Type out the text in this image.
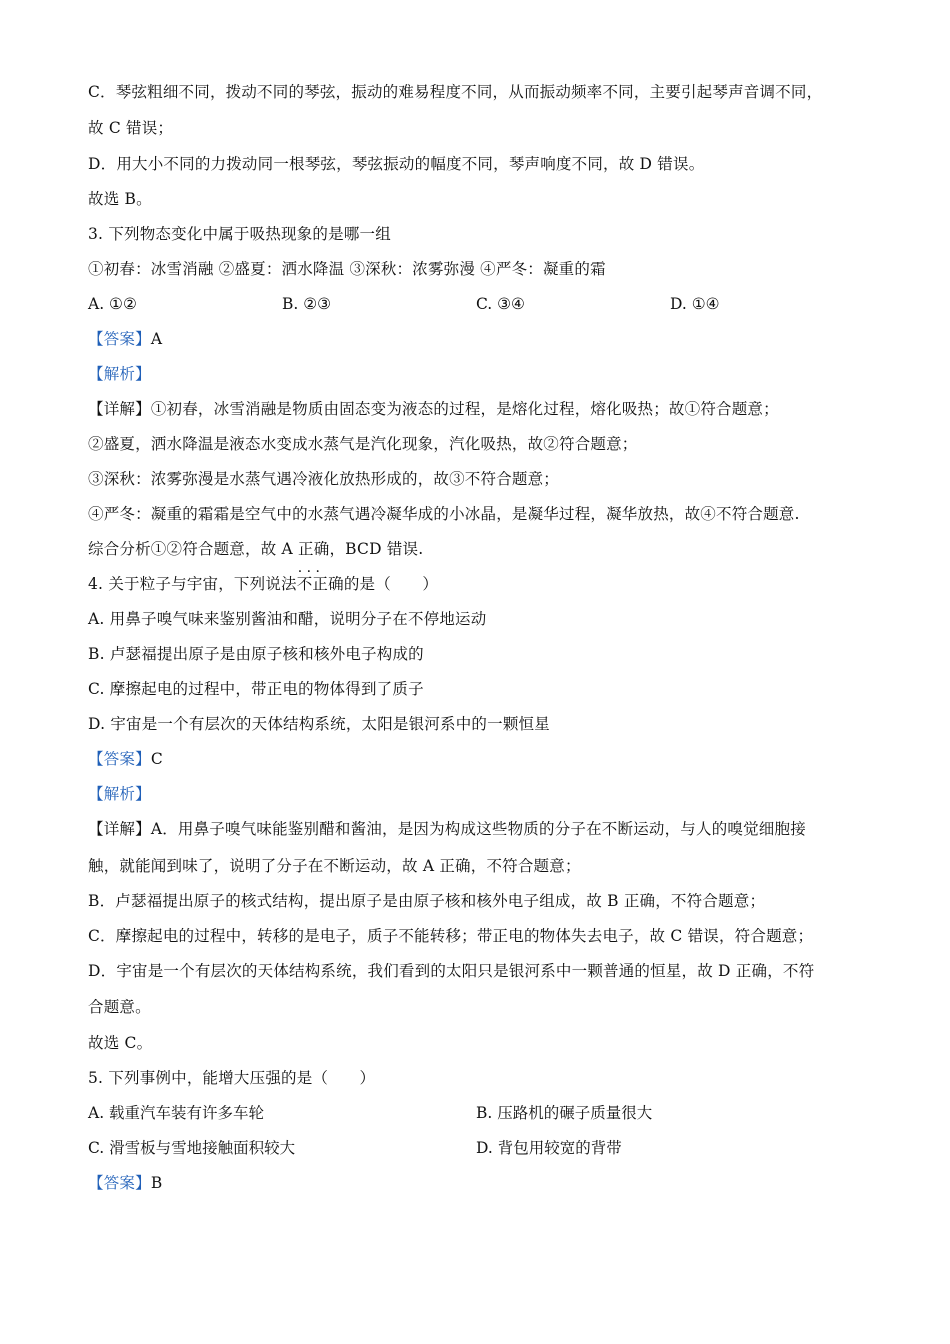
C．琴弦粗细不同，拨动不同的琴弦，振动的难易程度不同，从而振动频率不同，主要引起琴声音调不同，
故 C 错误；
D．用大小不同的力拨动同一根琴弦，琴弦振动的幅度不同，琴声响度不同，故 D 错误。
故选 B。
3. 下列物态变化中属于吸热现象的是哪一组
①初春：冰雪消融 ②盛夏：洒水降温 ③深秋：浓雾弥漫 ④严冬：凝重的霜
A. ①②	B. ②③	C. ③④	D. ①④
【答案】A
【解析】
【详解】①初春，冰雪消融是物质由固态变为液态的过程，是熔化过程，熔化吸热；故①符合题意；
②盛夏，洒水降温是液态水变成水蒸气是汽化现象，汽化吸热，故②符合题意；
③深秋：浓雾弥漫是水蒸气遇冷液化放热形成的，故③不符合题意；
④严冬：凝重的霜霜是空气中的水蒸气遇冷凝华成的小冰晶，是凝华过程，凝华放热，故④不符合题意.
综合分析①②符合题意，故 A 正确，BCD 错误.
4. 关于粒子与宇宙，下列说法· · · 不正确的是（　　）
A. 用鼻子嗅气味来鉴别酱油和醋，说明分子在不停地运动
B. 卢瑟福提出原子是由原子核和核外电子构成的
C. 摩擦起电的过程中，带正电的物体得到了质子
D. 宇宙是一个有层次的天体结构系统，太阳是银河系中的一颗恒星
【答案】C
【解析】
【详解】A．用鼻子嗅气味能鉴别醋和酱油，是因为构成这些物质的分子在不断运动，与人的嗅觉细胞接
触，就能闻到味了，说明了分子在不断运动，故 A 正确，不符合题意；
B．卢瑟福提出原子的核式结构，提出原子是由原子核和核外电子组成，故 B 正确，不符合题意；
C．摩擦起电的过程中，转移的是电子，质子不能转移；带正电的物体失去电子，故 C 错误，符合题意；
D．宇宙是一个有层次的天体结构系统，我们看到的太阳只是银河系中一颗普通的恒星，故 D 正确，不符
合题意。
故选 C。
5. 下列事例中，能增大压强的是（　　）
A. 载重汽车装有许多车轮	B. 压路机的碾子质量很大
C. 滑雪板与雪地接触面积较大	D. 背包用较宽的背带
【答案】B
